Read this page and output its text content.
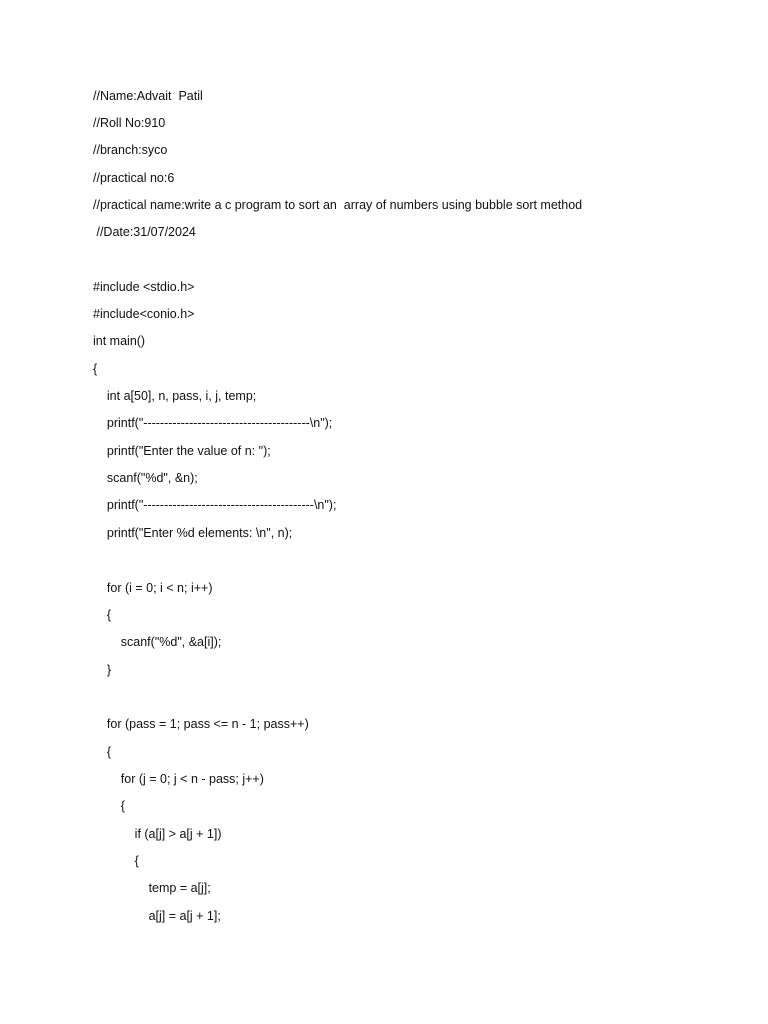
//Name:Advait  Patil
//Roll No:910
//branch:syco
//practical no:6
//practical name:write a c program to sort an  array of numbers using bubble sort method
//Date:31/07/2024
#include <stdio.h>
#include<conio.h>
int main()
{
int a[50], n, pass, i, j, temp;
printf("----------------------------------------\n");
printf("Enter the value of n: ");
scanf("%d", &n);
printf("-----------------------------------------\n");
printf("Enter %d elements: \n", n);
for (i = 0; i < n; i++)
{
scanf("%d", &a[i]);
}
for (pass = 1; pass <= n - 1; pass++)
{
for (j = 0; j < n - pass; j++)
{
if (a[j] > a[j + 1])
{
temp = a[j];
a[j] = a[j + 1];
